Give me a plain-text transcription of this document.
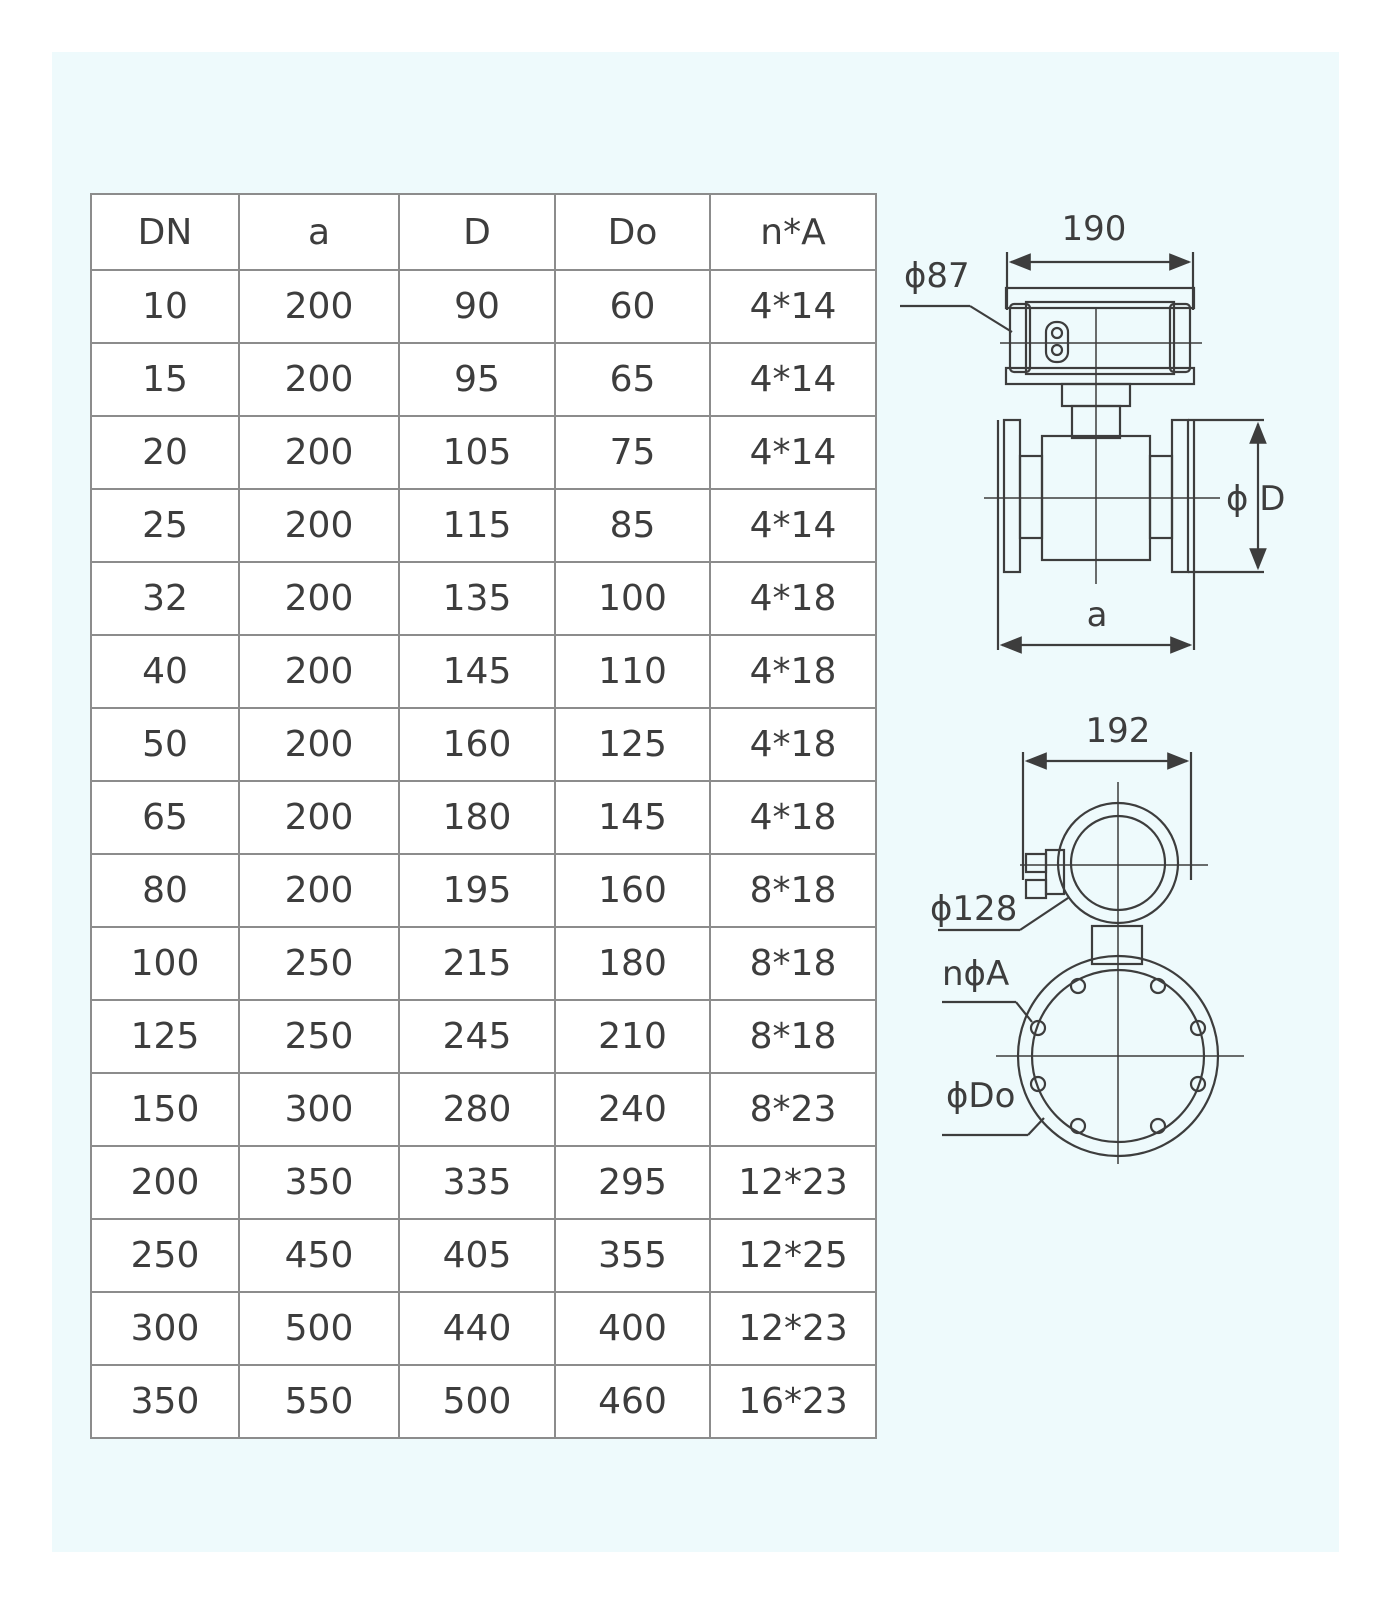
DN	a	D	Do	n*A
10	200	90	60	4*14
15	200	95	65	4*14
20	200	105	75	4*14
25	200	115	85	4*14
32	200	135	100	4*18
40	200	145	110	4*18
50	200	160	125	4*18
65	200	180	145	4*18
80	200	195	160	8*18
100	250	215	180	8*18
125	250	245	210	8*18
150	300	280	240	8*23
200	350	335	295	12*23
250	450	405	355	12*25
300	500	440	400	12*23
350	550	500	460	16*23
190
ϕ87
ϕ D
a
192
ϕ128
nϕA
ϕDo
